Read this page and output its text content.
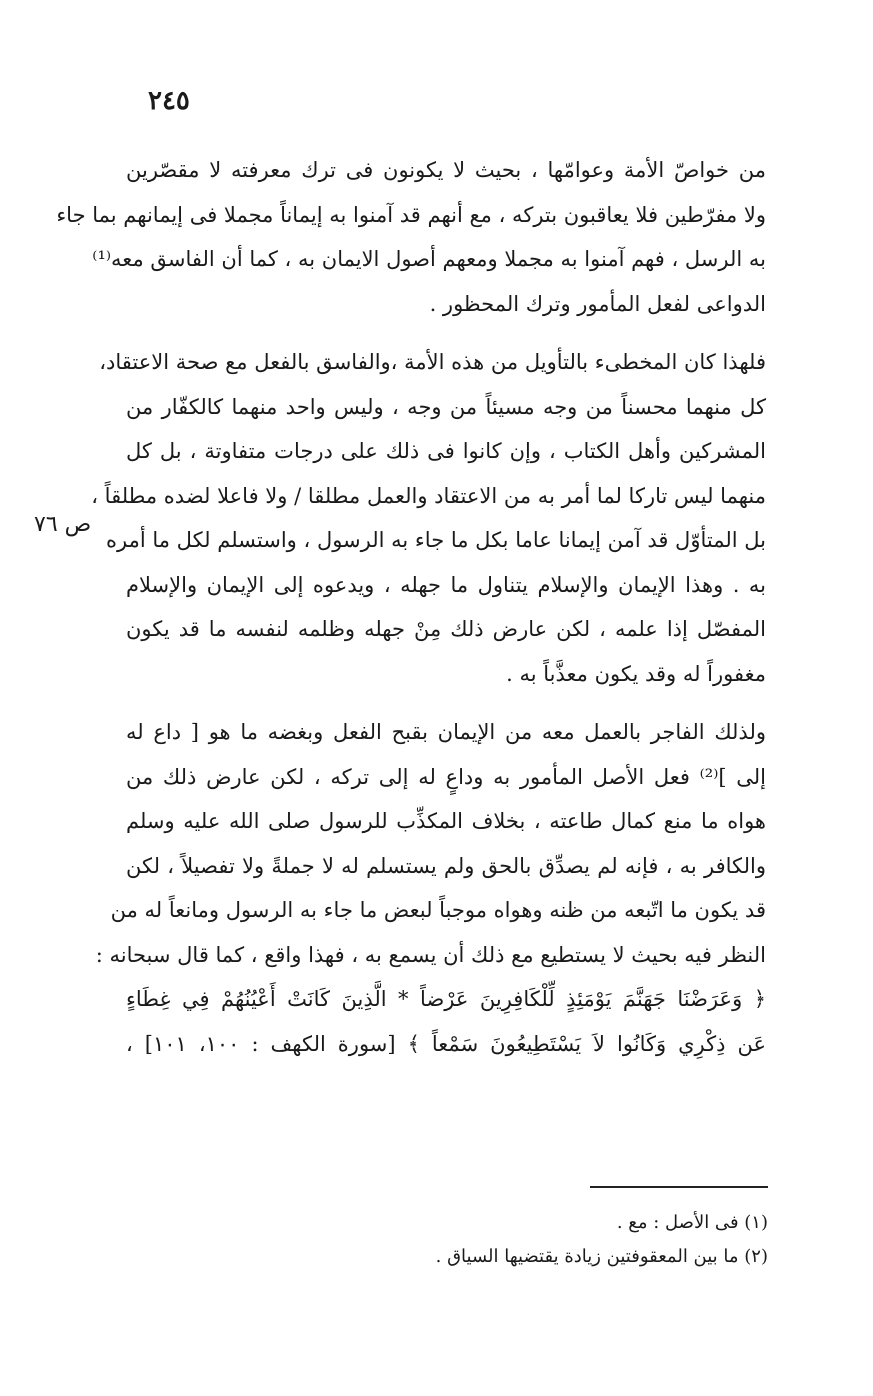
٢٤٥
ص ٧٦
من خواصّ الأمة وعوامّها ، بحيث لا يكونون فى ترك معرفته لا مقصّرين
ولا مفرّطين فلا يعاقبون بتركه ، مع أنهم قد آمنوا به إيماناً مجملا فى إيمانهم بما جاء
به الرسل ، فهم آمنوا به مجملا ومعهم أصول الايمان به ، كما أن الفاسق معه⁽¹⁾
الدواعى لفعل المأمور وترك المحظور .
فلهذا كان المخطىء بالتأويل من هذه الأمة ،والفاسق بالفعل مع صحة الاعتقاد،
كل منهما محسناً من وجه مسيئاً من وجه ، وليس واحد منهما كالكفّار من
المشركين وأهل الكتاب ، وإن كانوا فى ذلك على درجات متفاوتة ، بل كل
منهما ليس تاركا لما أمر به من الاعتقاد والعمل مطلقا / ولا فاعلا لضده مطلقاً ،
بل المتأوّل قد آمن إيمانا عاما بكل ما جاء به الرسول ، واستسلم لكل ما أمره
به . وهذا الإيمان والإسلام يتناول ما جهله ، ويدعوه إلى الإيمان والإسلام
المفصّل إذا علمه ، لكن عارض ذلك مِنْ جهله وظلمه لنفسه ما قد يكون
مغفوراً له وقد يكون معذَّباً به .
ولذلك الفاجر بالعمل معه من الإيمان بقبح الفعل وبغضه ما هو [ داع له
إلى ]⁽²⁾ فعل الأصل المأمور به وداعٍ له إلى تركه ، لكن عارض ذلك من
هواه ما منع كمال طاعته ، بخلاف المكذِّب للرسول صلى الله عليه وسلم
والكافر به ، فإنه لم يصدِّق بالحق ولم يستسلم له لا جملةً ولا تفصيلاً ، لكن
قد يكون ما اتّبعه من ظنه وهواه موجباً لبعض ما جاء به الرسول ومانعاً له من
النظر فيه بحيث لا يستطيع مع ذلك أن يسمع به ، فهذا واقع ، كما قال سبحانه :
﴿ وَعَرَضْنَا جَهَنَّمَ يَوْمَئِذٍ لِّلْكَافِرِينَ عَرْضاً * الَّذِينَ كَانَتْ أَعْيُنُهُمْ فِي غِطَاءٍ
عَن ذِكْرِي وَكَانُوا لاَ يَسْتَطِيعُونَ سَمْعاً ﴾ [سورة الكهف : ١٠٠، ١٠١] ،
(١) فى الأصل : مع .
(٢) ما بين المعقوفتين زيادة يقتضيها السياق .
